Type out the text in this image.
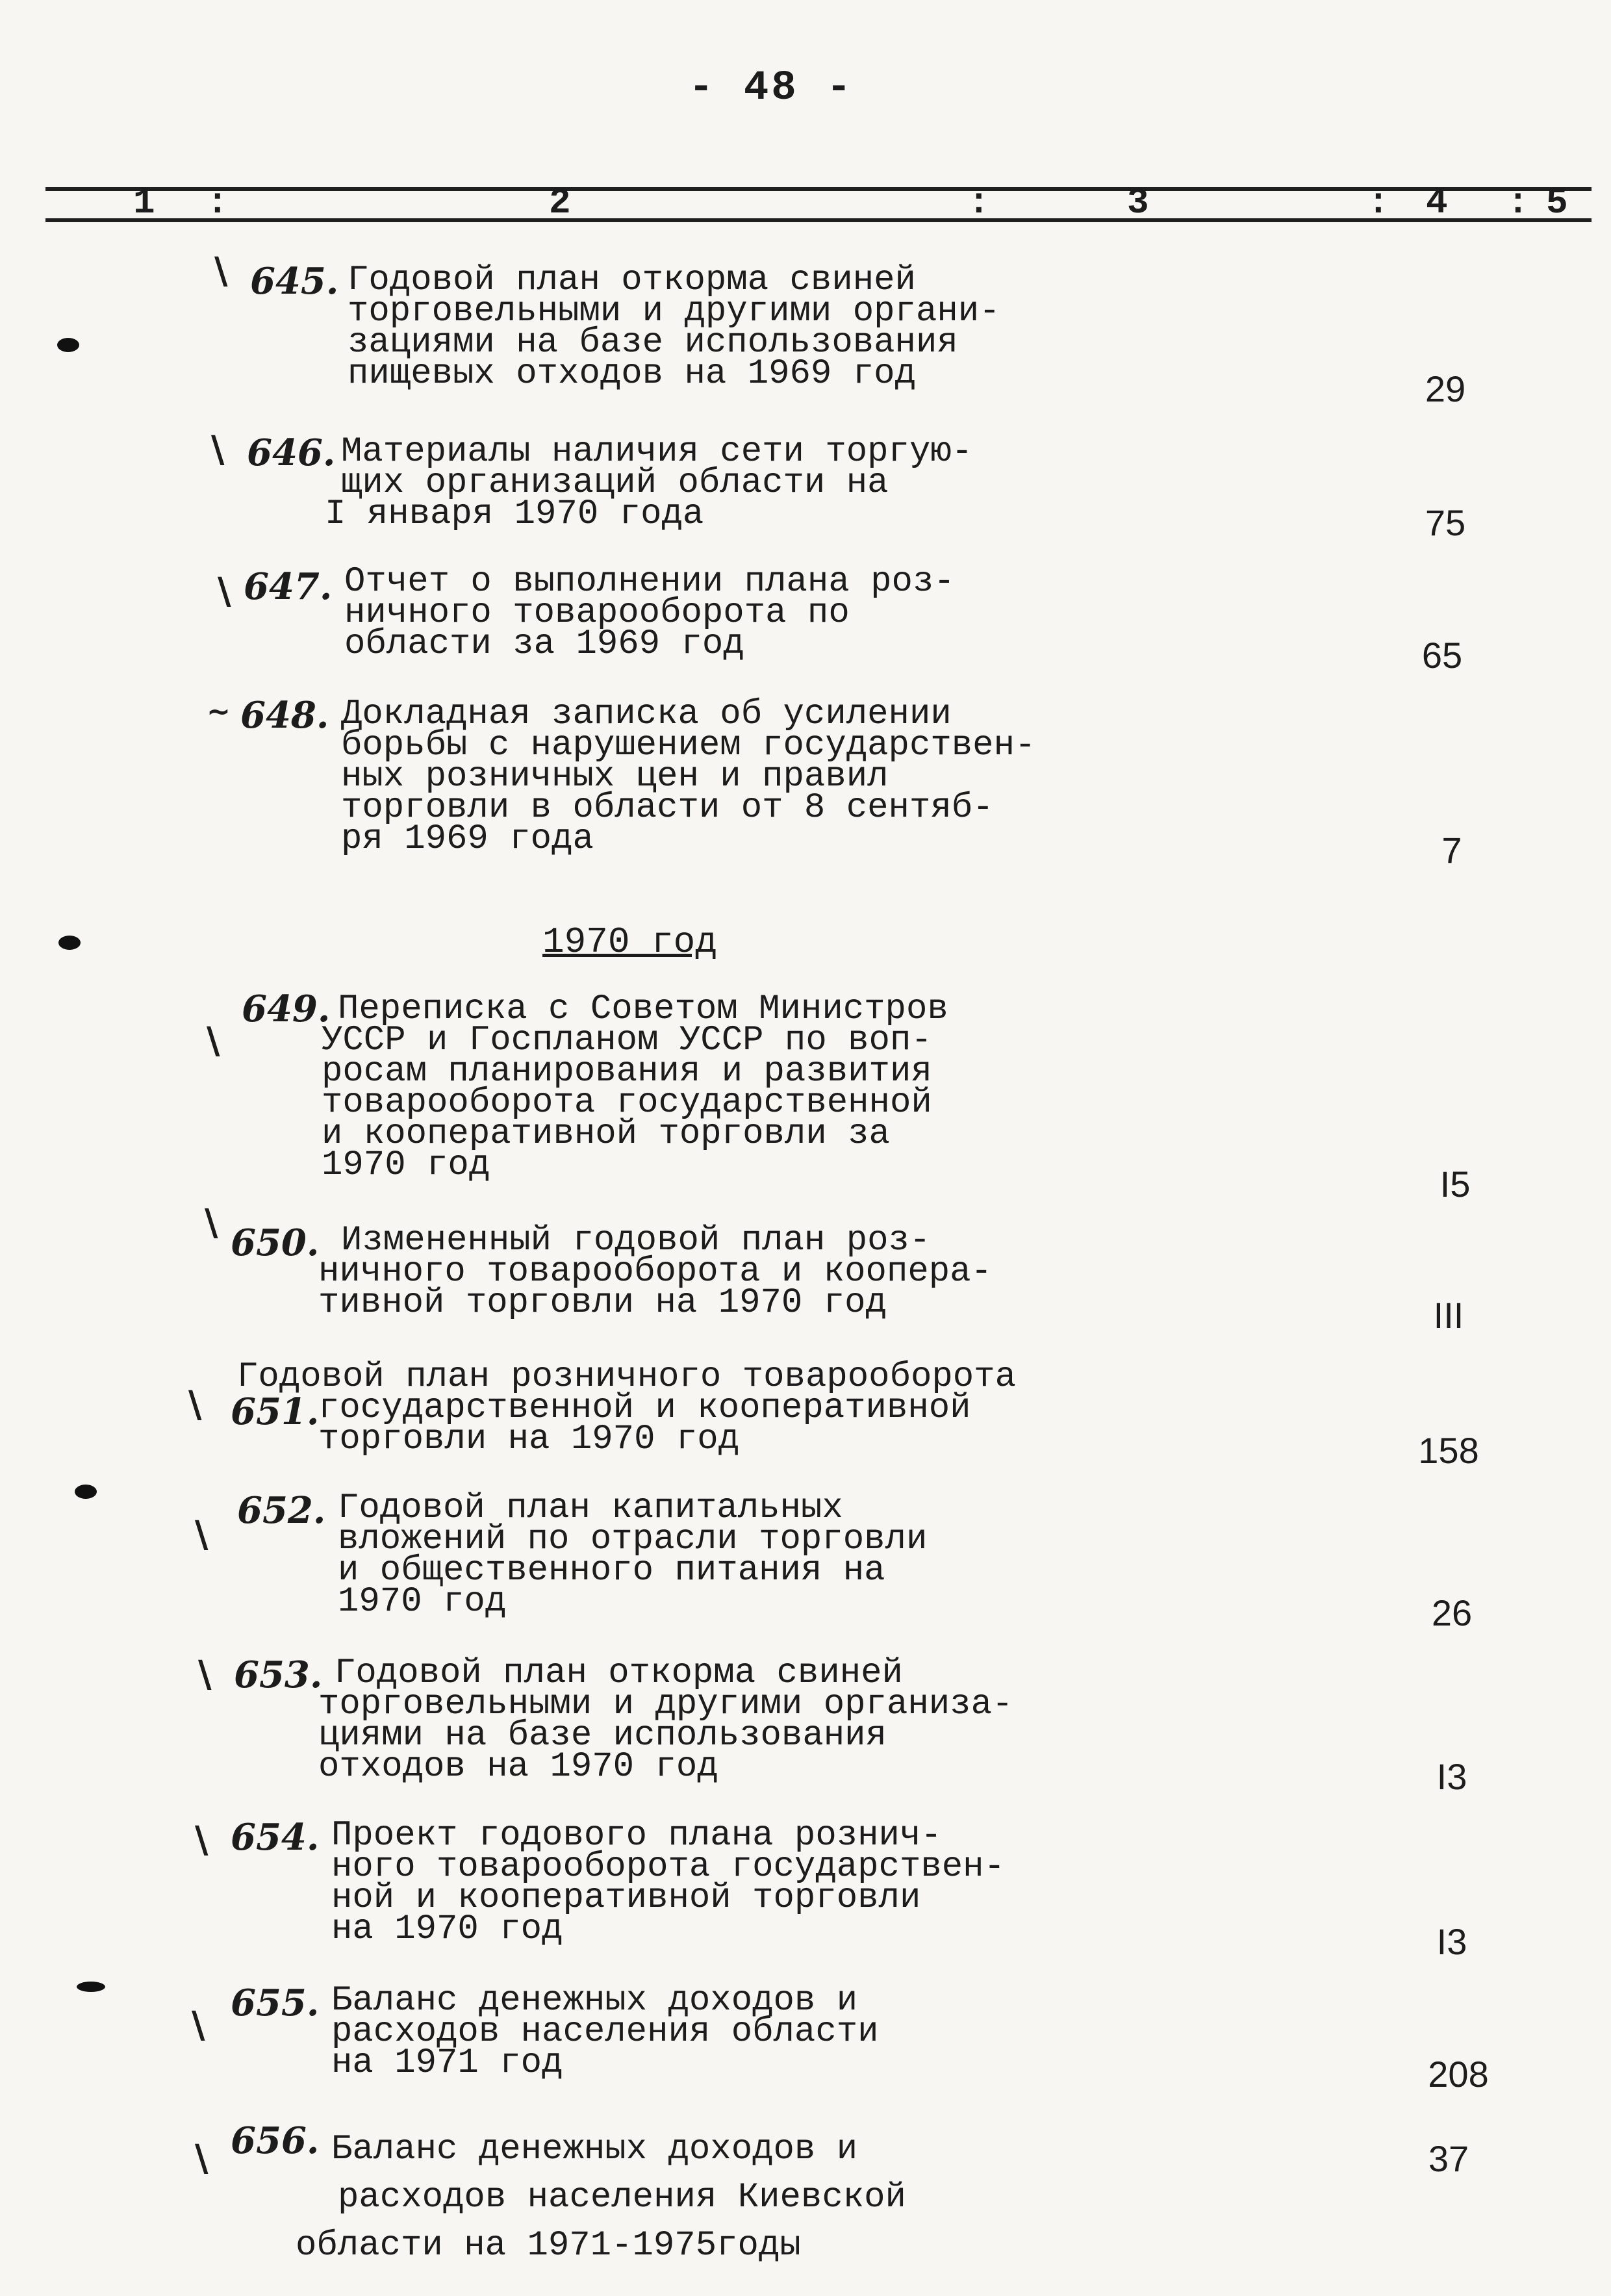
- 48 -
1 :	2	:	3	: 4 : 5
\ 645. Годовой план откорма свиней
торговельными и другими органи-
зациями на базе использования
пищевых отходов на 1969 год	29
\ 646. Материалы наличия сети торгую-
щих организаций области на
I января 1970 года	75
\ 647. Отчет о выполнении плана роз-
ничного товарооборота по
области за 1969 год	65
~ 648. Докладная записка об усилении
борьбы с нарушением государствен-
ных розничных цен и правил
торговли в области от 8 сентяб-
ря 1969 года	7
1970 год
\
649. Переписка с Советом Министров
УССР и Госпланом УССР по воп-
росам планирования и развития
товарооборота государственной
и кооперативной торговли за
1970 год	I5
\ 650. Измененный годовой план роз-
ничного товарооборота и коопера-
тивной торговли на 1970 год	III
\ 651.
Годовой план розничного товарооборота
государственной и кооперативной
торговли на 1970 год	158
\
652. Годовой план капитальных
вложений по отрасли торговли
и общественного питания на
1970 год	26
\ 653. Годовой план откорма свиней
торговельными и другими организа-
циями на базе использования
отходов на 1970 год	I3
\ 654. Проект годового плана рознич-
ного товарооборота государствен-
ной и кооперативной торговли
на 1970 год	I3
\
655. Баланс денежных доходов и
расходов населения области
на 1971 год	208
\ 656. Баланс денежных доходов и
расходов населения Киевской
области на 1971-1975годы
37
